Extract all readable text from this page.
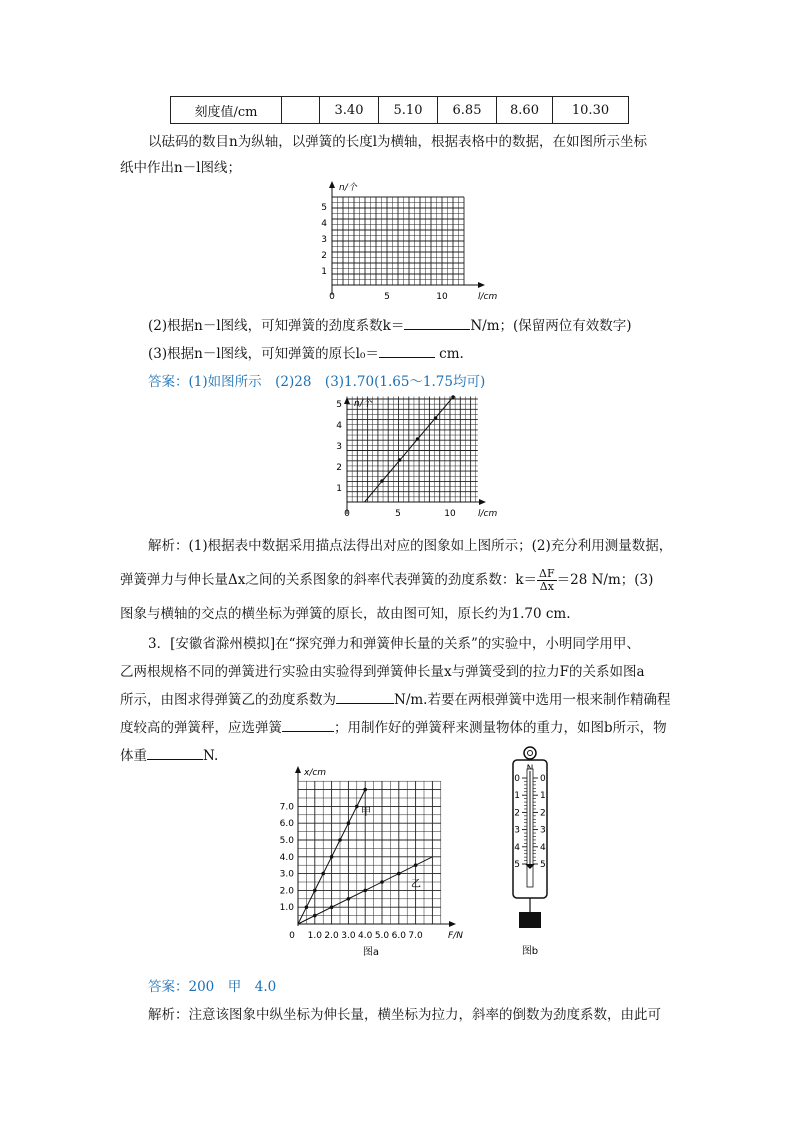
刻度值/cm		3.40	5.10	6.85	8.60	10.30
以砝码的数目n为纵轴，以弹簧的长度l为横轴，根据表格中的数据，在如图所示坐标
纸中作出n－l图线；
n/个
l/cm
1
2
3
4
5
0	5	10
(2)根据n－l图线，可知弹簧的劲度系数k＝	N/m；(保留两位有效数字)
(3)根据n－l图线，可知弹簧的原长l₀＝	cm.
答案：(1)如图所示　(2)28　(3)1.70(1.65～1.75均可)
n/个
l/cm
1
2
3
4
5
0	5	10
解析：(1)根据表中数据采用描点法得出对应的图象如上图所示；(2)充分利用测量数据，
弹簧弹力与伸长量Δx之间的关系图象的斜率代表弹簧的劲度系数：$k= \frac{\Delta F}{\Delta x} =28$ N/m；(3)
图象与横轴的交点的横坐标为弹簧的原长，故由图可知，原长约为1.70 cm.
3．[安徽省滁州模拟]在“探究弹力和弹簧伸长量的关系”的实验中，小明同学用甲、
乙两根规格不同的弹簧进行实验由实验得到弹簧伸长量x与弹簧受到的拉力F的关系如图a
所示，由图求得弹簧乙的劲度系数为	N/m.若要在两根弹簧中选用一根来制作精确程
度较高的弹簧秤，应选弹簧	；用制作好的弹簧秤来测量物体的重力，如图b所示，物
体重	N.
x/cm
F/N
0 1.0 2.0 3.0 4.0 5.0 6.0 7.0
1.0
2.0
3.0
4.0
5.0
6.0
7.0	甲
乙
图a
0 0
1 1
2 2
3 3
4 4
5 5
图b
答案：200　甲　4.0
解析：注意该图象中纵坐标为伸长量，横坐标为拉力，斜率的倒数为劲度系数，由此可
